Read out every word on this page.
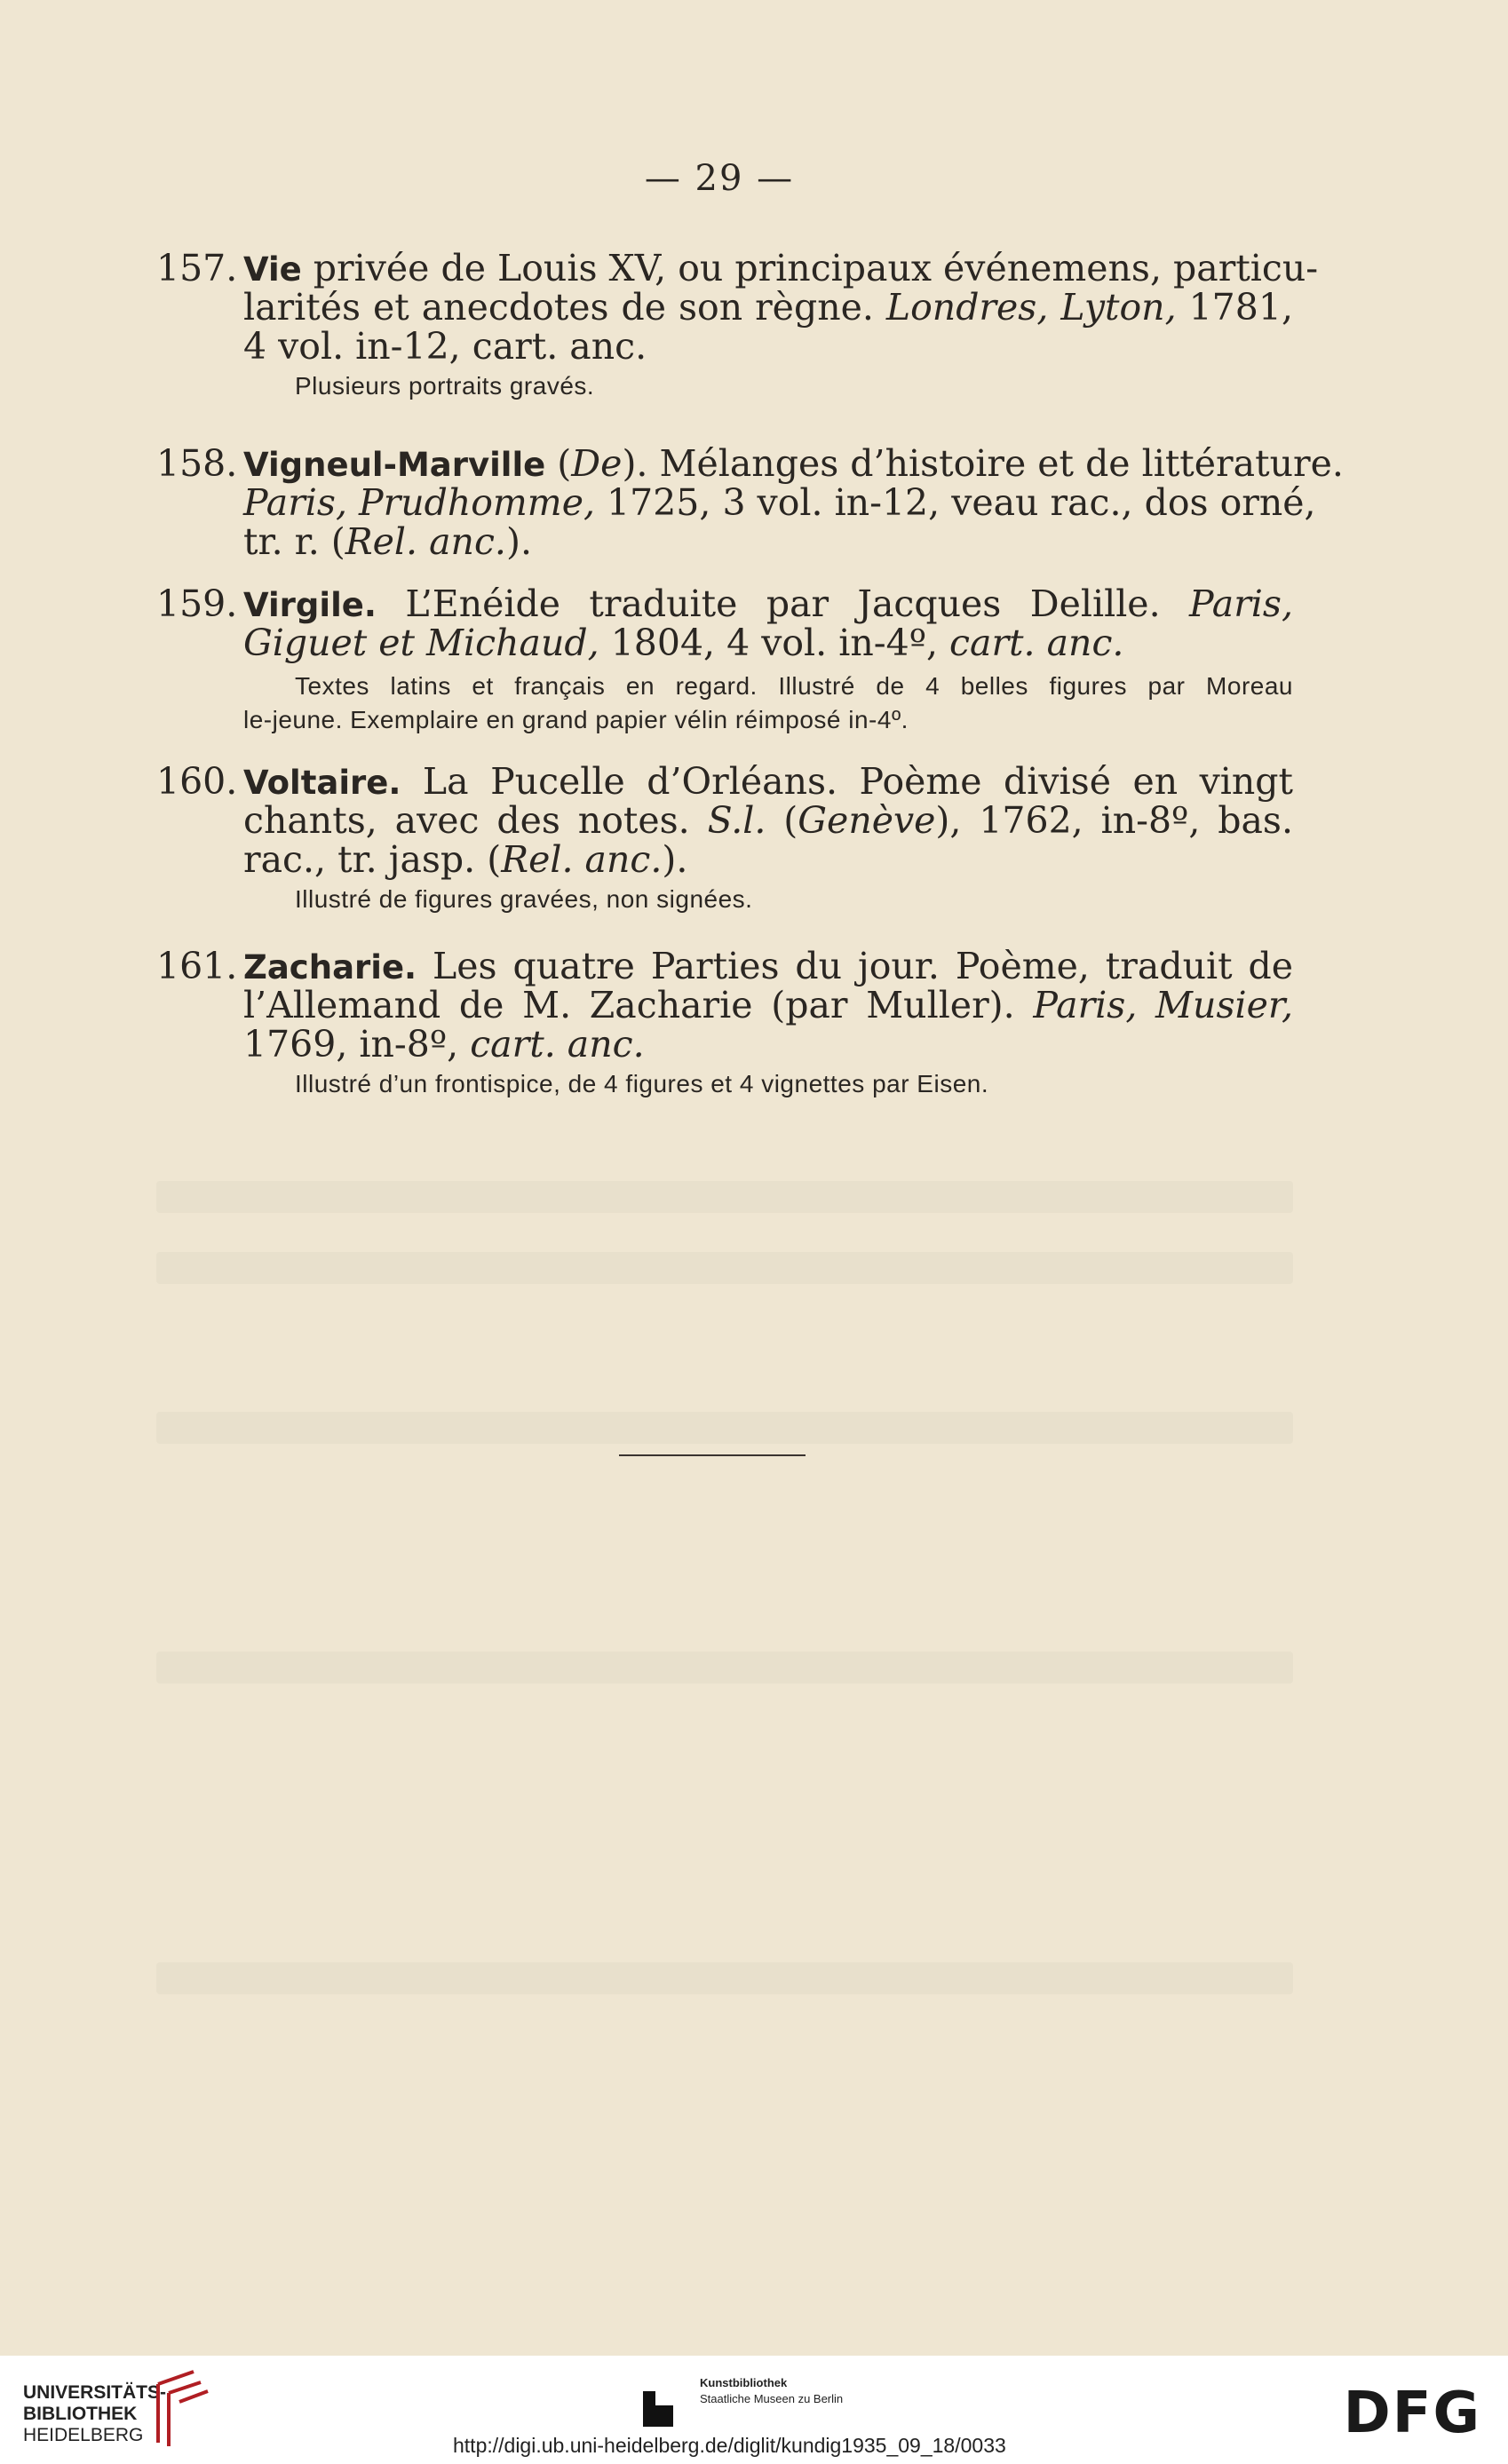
— 29 —
157. Vie privée de Louis XV, ou principaux événemens, particu-
larités et anecdotes de son règne. Londres, Lyton, 1781,
4 vol. in-12, cart. anc.
Plusieurs portraits gravés.
158. Vigneul-Marville (De). Mélanges d’histoire et de littérature.
Paris, Prudhomme, 1725, 3 vol. in-12, veau rac., dos orné,
tr. r. (Rel. anc.).
159. Virgile. L’Enéide traduite par Jacques Delille. Paris,
Giguet et Michaud, 1804, 4 vol. in-4º, cart. anc.
Textes latins et français en regard. Illustré de 4 belles figures par Moreau
le-jeune. Exemplaire en grand papier vélin réimposé in-4º.
160. Voltaire. La Pucelle d’Orléans. Poème divisé en vingt
chants, avec des notes. S.l. (Genève), 1762, in-8º, bas.
rac., tr. jasp. (Rel. anc.).
Illustré de figures gravées, non signées.
161. Zacharie. Les quatre Parties du jour. Poème, traduit de
l’Allemand de M. Zacharie (par Muller). Paris, Musier,
1769, in-8º, cart. anc.
Illustré d’un frontispice, de 4 figures et 4 vignettes par Eisen.
UNIVERSITÄTS-
BIBLIOTHEK
HEIDELBERG
Kunstbibliothek
Staatliche Museen zu Berlin	DFG
http://digi.ub.uni-heidelberg.de/diglit/kundig1935_09_18/0033
